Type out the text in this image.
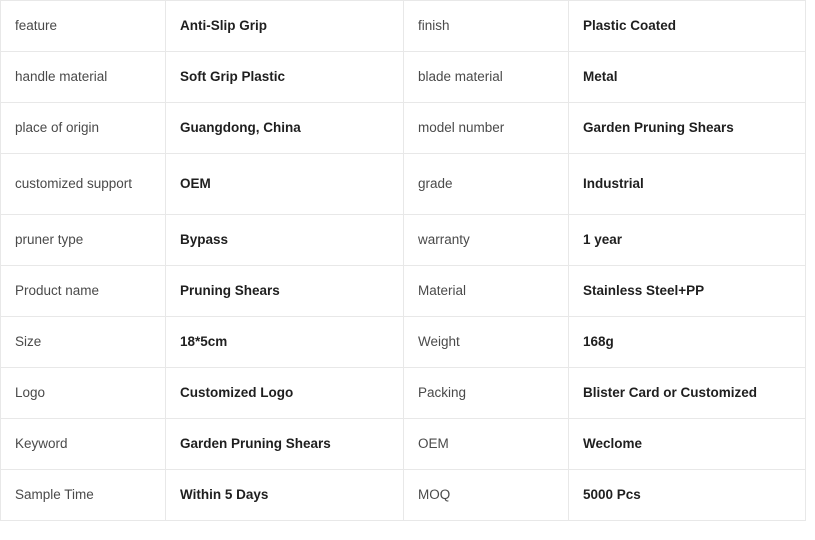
feature	Anti-Slip Grip	finish	Plastic Coated
handle material	Soft Grip Plastic	blade material	Metal
place of origin	Guangdong, China	model number	Garden Pruning Shears
customized support	OEM	grade	Industrial
pruner type	Bypass	warranty	1 year
Product name	Pruning Shears	Material	Stainless Steel+PP
Size	18*5cm	Weight	168g
Logo	Customized Logo	Packing	Blister Card or Customized
Keyword	Garden Pruning Shears	OEM	Weclome
Sample Time	Within 5 Days	MOQ	5000 Pcs
